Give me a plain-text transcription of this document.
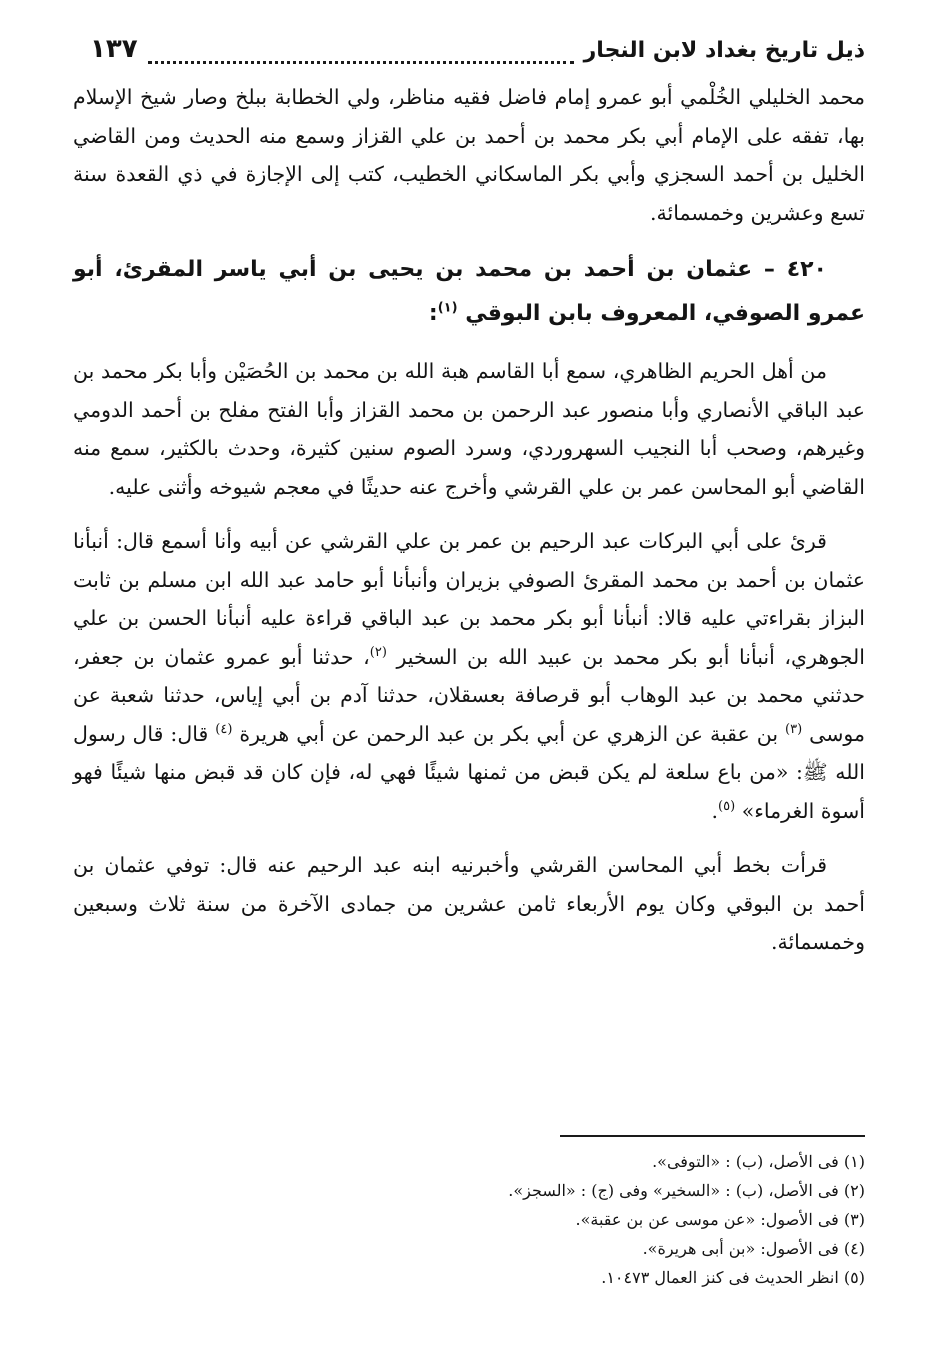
ذيل تاريخ بغداد لابن النجار
١٣٧

محمد الخليلي الخُلْمي أبو عمرو إمام فاضل فقيه مناظر، ولي الخطابة ببلخ وصار شيخ الإسلام بها، تفقه على الإمام أبي بكر محمد بن أحمد بن علي القزاز وسمع منه الحديث ومن القاضي الخليل بن أحمد السجزي وأبي بكر الماسكاني الخطيب، كتب إلى الإجازة في ذي القعدة سنة تسع وعشرين وخمسمائة.

٤٢٠ – عثمان بن أحمد بن محمد بن يحيى بن أبي ياسر المقرئ، أبو عمرو الصوفي، المعروف بابن البوقي $^{(١)}$:

من أهل الحريم الظاهري، سمع أبا القاسم هبة الله بن محمد بن الحُصَيْن وأبا بكر محمد بن عبد الباقي الأنصاري وأبا منصور عبد الرحمن بن محمد القزاز وأبا الفتح مفلح بن أحمد الدومي وغيرهم، وصحب أبا النجيب السهروردي، وسرد الصوم سنين كثيرة، وحدث بالكثير، سمع منه القاضي أبو المحاسن عمر بن علي القرشي وأخرج عنه حديثًا في معجم شيوخه وأثنى عليه.

قرئ على أبي البركات عبد الرحيم بن عمر بن علي القرشي عن أبيه وأنا أسمع قال: أنبأنا عثمان بن أحمد بن محمد المقرئ الصوفي بزيران وأنبأنا أبو حامد عبد الله ابن مسلم بن ثابت البزاز بقراءتي عليه قالا: أنبأنا أبو بكر محمد بن عبد الباقي قراءة عليه أنبأنا الحسن بن علي الجوهري، أنبأنا أبو بكر محمد بن عبيد الله بن السخير $^{(٢)}$، حدثنا أبو عمرو عثمان بن جعفر، حدثني محمد بن عبد الوهاب أبو قرصافة بعسقلان، حدثنا آدم بن أبي إياس، حدثنا شعبة عن موسى $^{(٣)}$ بن عقبة عن الزهري عن أبي بكر بن عبد الرحمن عن أبي هريرة $^{(٤)}$ قال: قال رسول الله ﷺ: «من باع سلعة لم يكن قبض من ثمنها شيئًا فهي له، فإن كان قد قبض منها شيئًا فهو أسوة الغرماء» $^{(٥)}$.

قرأت بخط أبي المحاسن القرشي وأخبرنيه ابنه عبد الرحيم عنه قال: توفي عثمان بن أحمد بن البوقي وكان يوم الأربعاء ثامن عشرين من جمادى الآخرة من سنة ثلاث وسبعين وخمسمائة.

(١) فى الأصل، (ب) : «التوفى».
(٢) فى الأصل، (ب) : «السخير» وفى (ج) : «السجز».
(٣) فى الأصول: «عن موسى عن بن عقبة».
(٤) فى الأصول: «بن أبى هريرة».
(٥) انظر الحديث فى كنز العمال ١٠٤٧٣.
